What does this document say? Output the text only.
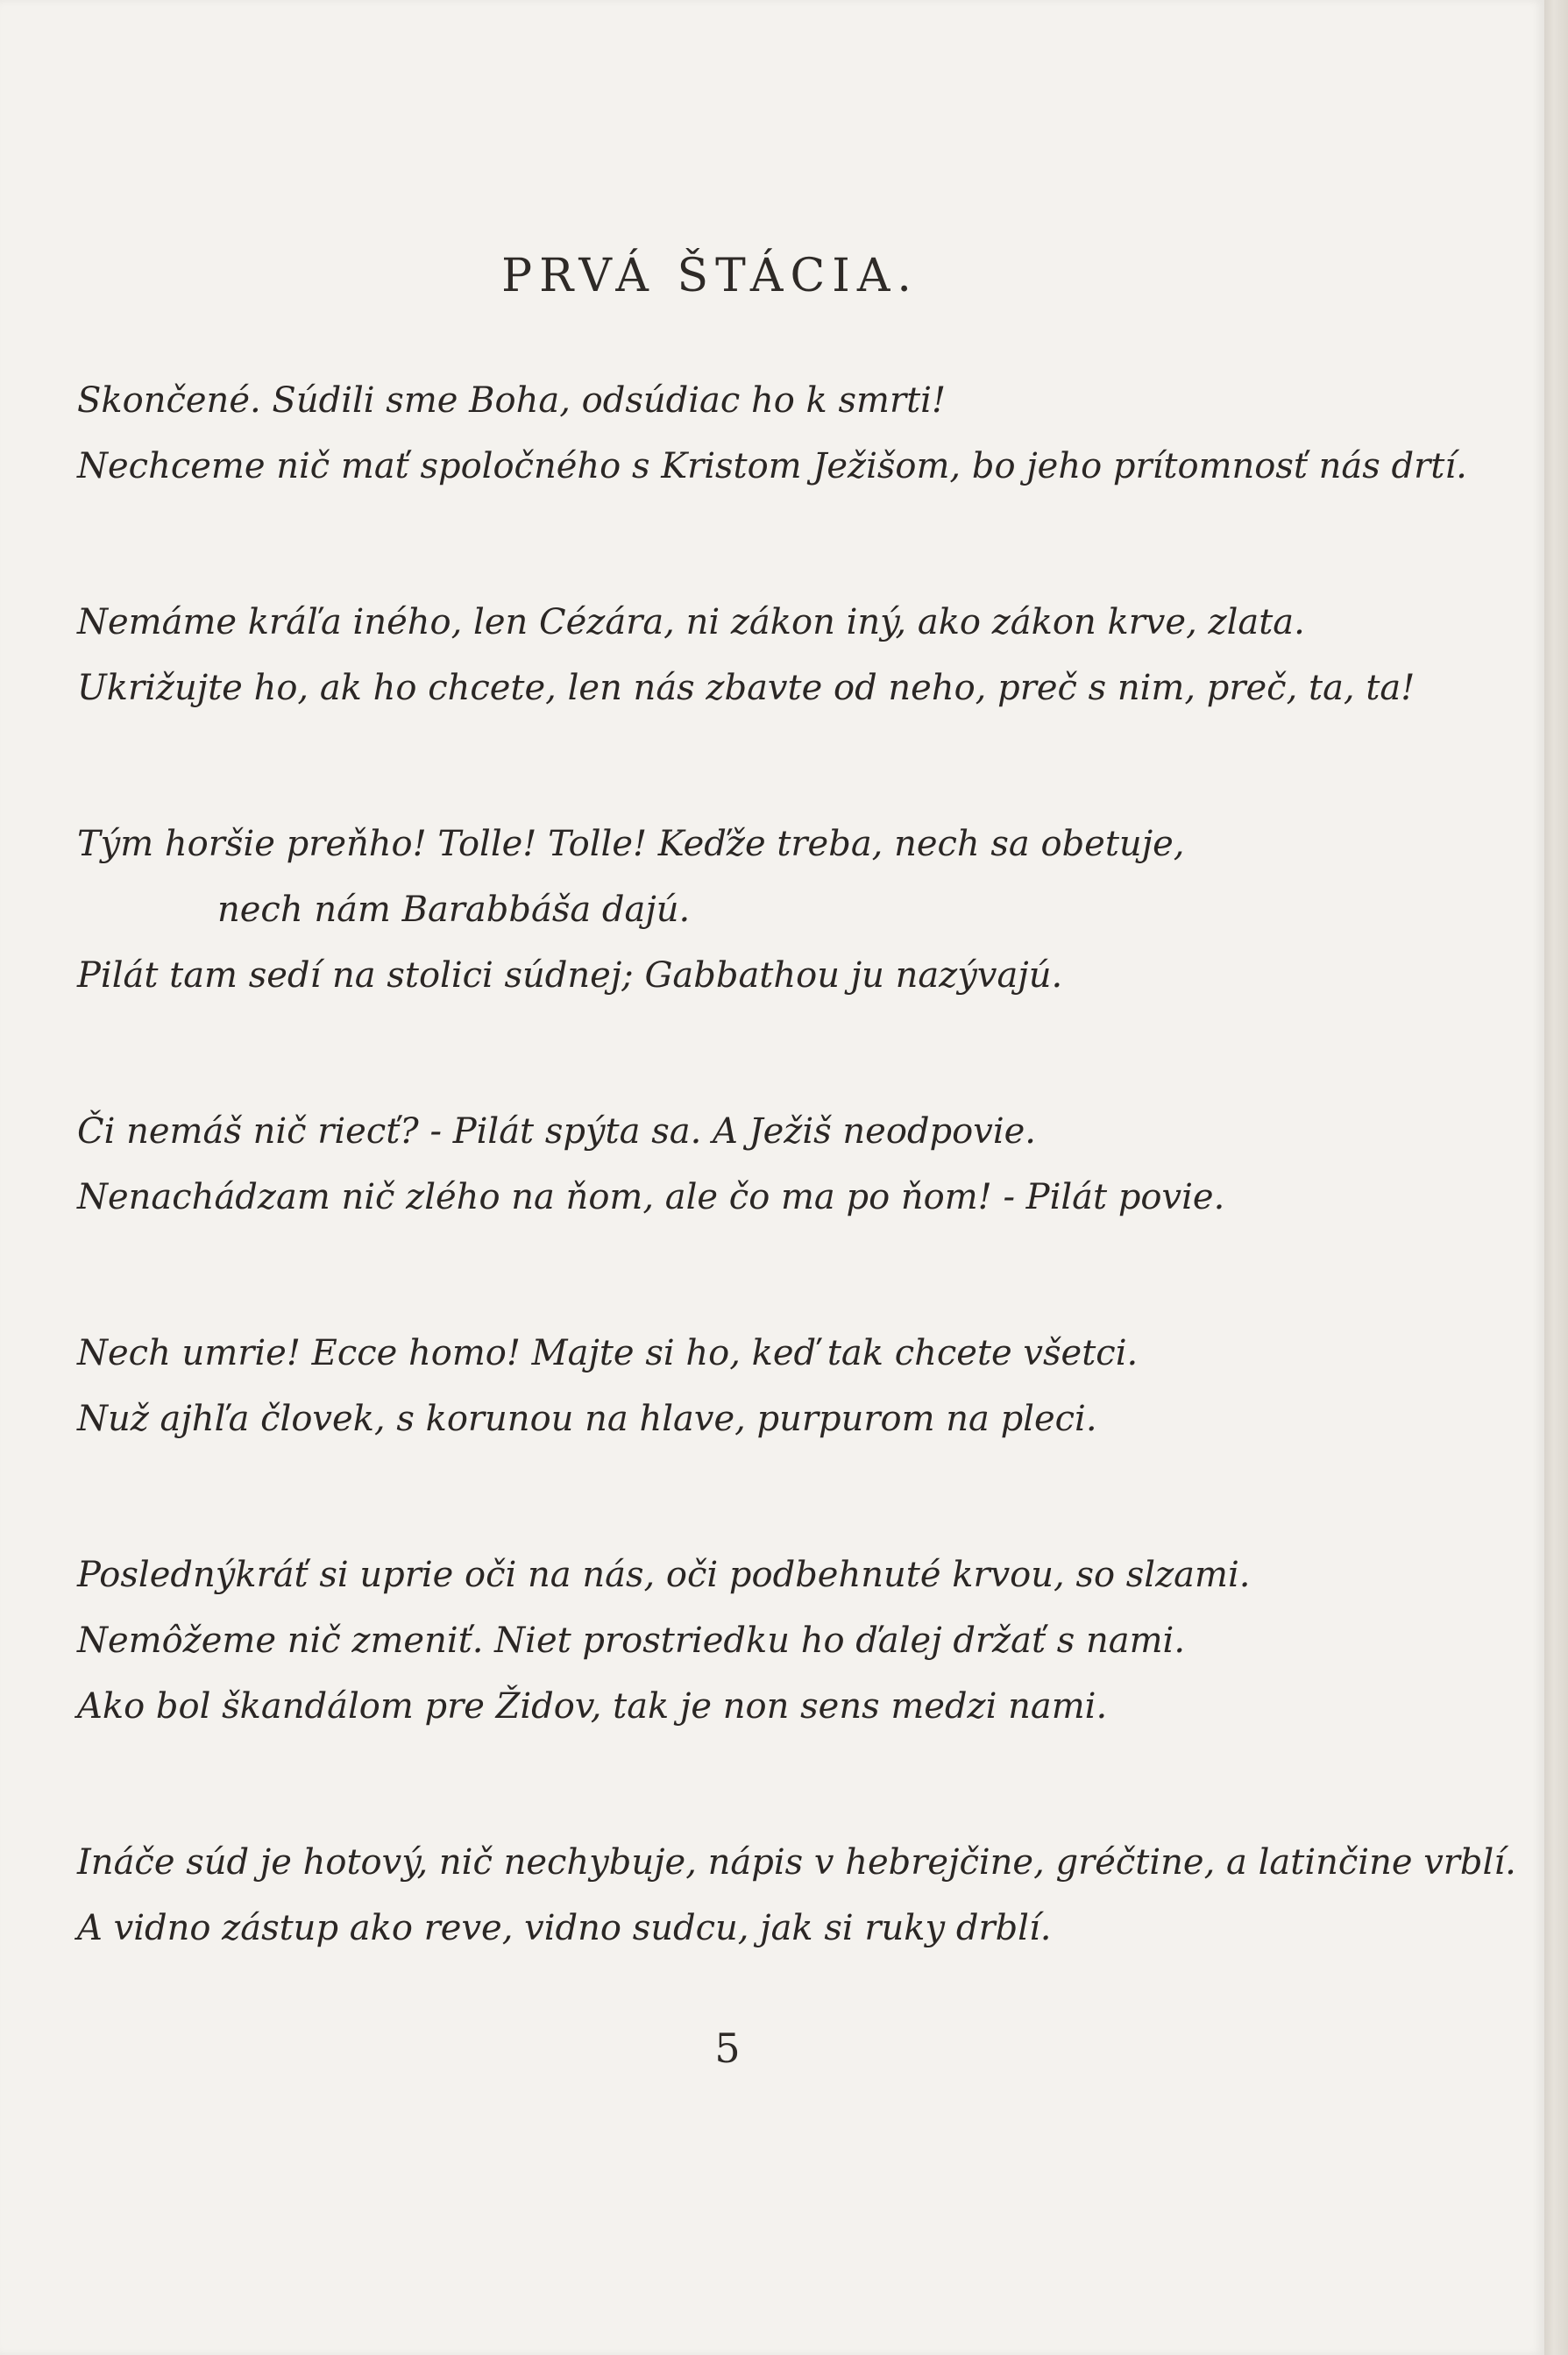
PRVÁ ŠTÁCIA.
Skončené. Súdili sme Boha, odsúdiac ho k smrti!
Nechceme nič mať spoločného s Kristom Ježišom, bo jeho prítomnosť nás drtí.
Nemáme kráľa iného, len Cézára, ni zákon iný, ako zákon krve, zlata.
Ukrižujte ho, ak ho chcete, len nás zbavte od neho, preč s nim, preč, ta, ta!
Tým horšie preňho! Tolle! Tolle! Keďže treba, nech sa obetuje,
nech nám Barabbáša dajú.
Pilát tam sedí na stolici súdnej; Gabbathou ju nazývajú.
Či nemáš nič riecť? ‑ Pilát spýta sa. A Ježiš neodpovie.
Nenachádzam nič zlého na ňom, ale čo ma po ňom! ‑ Pilát povie.
Nech umrie! Ecce homo! Majte si ho, keď tak chcete všetci.
Nuž ajhľa človek, s korunou na hlave, purpurom na pleci.
Poslednýkráť si uprie oči na nás, oči podbehnuté krvou, so slzami.
Nemôžeme nič zmeniť. Niet prostriedku ho ďalej držať s nami.
Ako bol škandálom pre Židov, tak je non sens medzi nami.
Ináče súd je hotový, nič nechybuje, nápis v hebrejčine, gréčtine, a latinčine vrblí.
A vidno zástup ako reve, vidno sudcu, jak si ruky drblí.
5
